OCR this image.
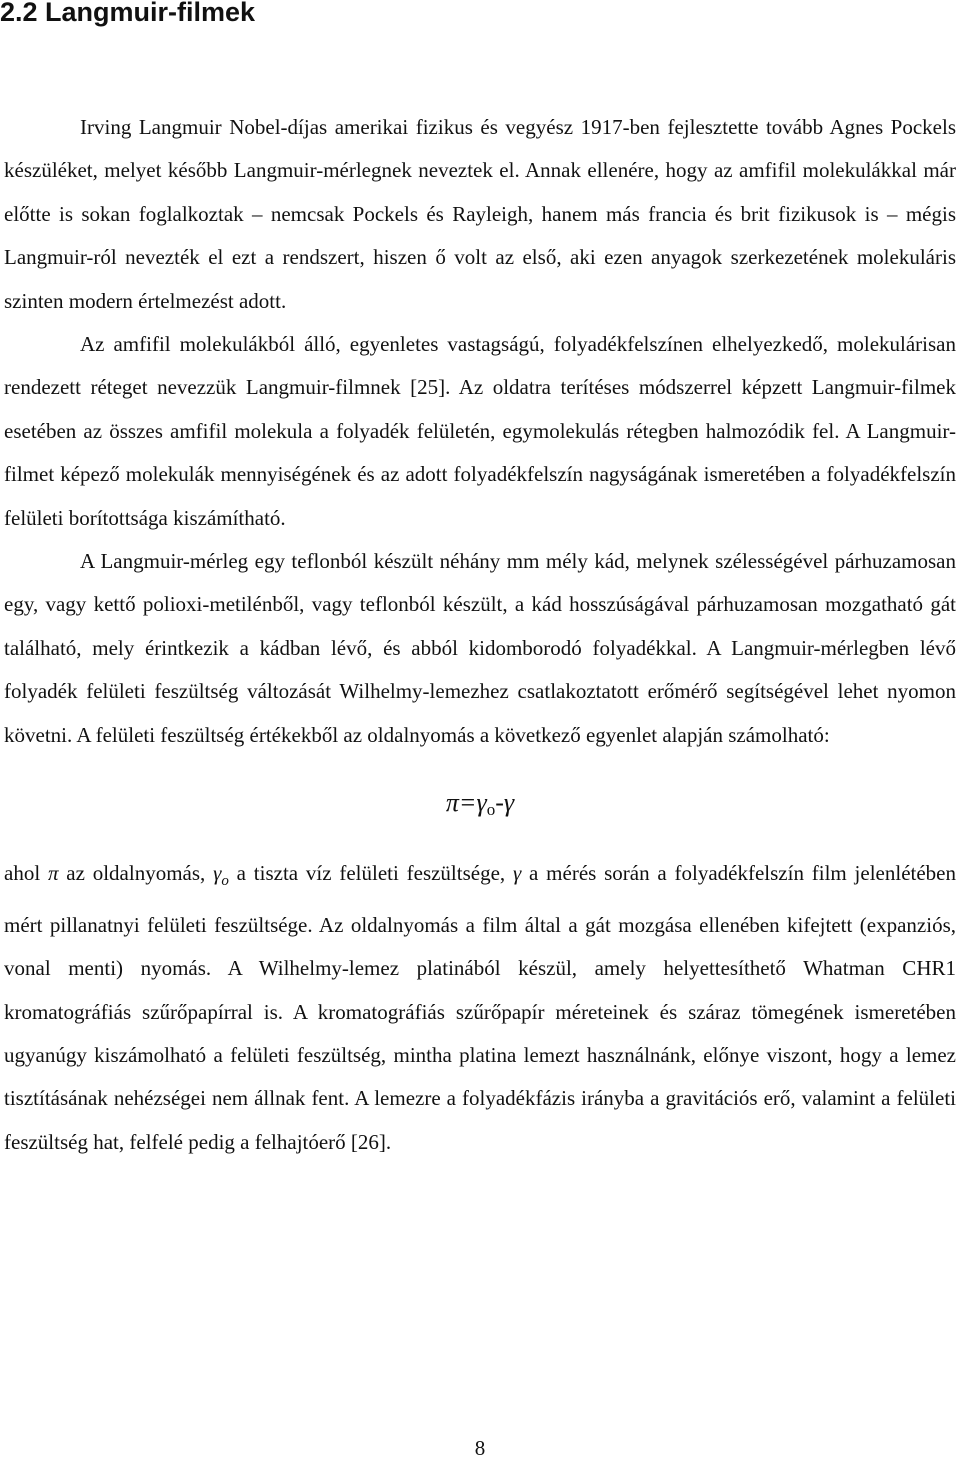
2.2 Langmuir-filmek

Irving Langmuir Nobel-díjas amerikai fizikus és vegyész 1917-ben fejlesztette tovább Agnes Pockels készüléket, melyet később Langmuir-mérlegnek neveztek el. Annak ellenére, hogy az amfifil molekulákkal már előtte is sokan foglalkoztak – nemcsak Pockels és Rayleigh, hanem más francia és brit fizikusok is – mégis Langmuir-ról nevezték el ezt a rendszert, hiszen ő volt az első, aki ezen anyagok szerkezetének molekuláris szinten modern értelmezést adott.

Az amfifil molekulákból álló, egyenletes vastagságú, folyadékfelszínen elhelyezkedő, molekulárisan rendezett réteget nevezzük Langmuir-filmnek [25]. Az oldatra terítéses módszerrel képzett Langmuir-filmek esetében az összes amfifil molekula a folyadék felületén, egymolekulás rétegben halmozódik fel. A Langmuir-filmet képező molekulák mennyiségének és az adott folyadékfelszín nagyságának ismeretében a folyadékfelszín felületi borítottsága kiszámítható.

A Langmuir-mérleg egy teflonból készült néhány mm mély kád, melynek szélességével párhuzamosan egy, vagy kettő polioxi-metilénből, vagy teflonból készült, a kád hosszúságával párhuzamosan mozgatható gát található, mely érintkezik a kádban lévő, és abból kidomborodó folyadékkal. A Langmuir-mérlegben lévő folyadék felületi feszültség változását Wilhelmy-lemezhez csatlakoztatott erőmérő segítségével lehet nyomon követni. A felületi feszültség értékekből az oldalnyomás a következő egyenlet alapján számolható:

$\pi=\gamma_o-\gamma$

ahol π az oldalnyomás, $\gamma_o$ a tiszta víz felületi feszültsége, γ a mérés során a folyadékfelszín film jelenlétében mért pillanatnyi felületi feszültsége. Az oldalnyomás a film által a gát mozgása ellenében kifejtett (expanziós, vonal menti) nyomás. A Wilhelmy-lemez platinából készül, amely helyettesíthető Whatman CHR1 kromatográfiás szűrőpapírral is. A kromatográfiás szűrőpapír méreteinek és száraz tömegének ismeretében ugyanúgy kiszámolható a felületi feszültség, mintha platina lemezt használnánk, előnye viszont, hogy a lemez tisztításának nehézségei nem állnak fent. A lemezre a folyadékfázis irányba a gravitációs erő, valamint a felületi feszültség hat, felfelé pedig a felhajtóerő [26].

8
